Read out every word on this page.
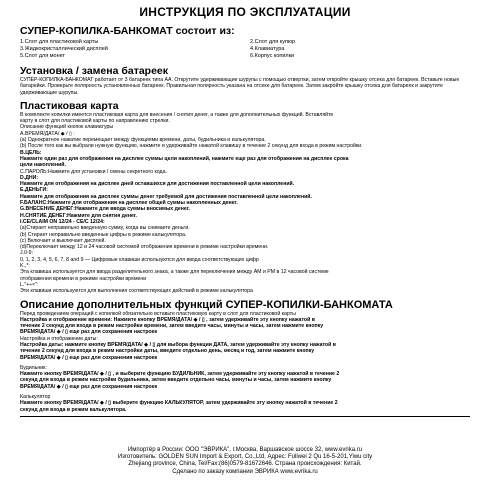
ИНСТРУКЦИЯ ПО ЭКСПЛУАТАЦИИ
СУПЕР-КОПИЛКА-БАНКОМАТ состоит из:
1.Слот для пластиковой карты	2.Слот для купюр
3.Жидкокристаллический дисплей	4.Клавиатура
5.Слот для монет	6.Корпус копилки
Установка / замена батареек

СУПЕР-КОПИЛКА-БАНКОМАТ работает от 3 батареек типа АА. Открутите удерживающие шурупы с помощью отвертки, затем откройте крышку отсека для батареек. Вставьте новые батарейки. Проверьте полярность установленных батареек. Правильная полярность указана на отсеке для батареек. Затем закройте крышку отсека для батареек и закрутите удерживающие шурупы.

Пластиковая карта
В комплекте копилки имеется пластиковая карта для внесения / снятия денег, а также для дополнительных функций. Вставляйте
карту в слот для пластиковой карты по направлению стрелки.
Описание функций кнопок клавиатуры
A.ВРЕМЯ/ДАТА/ ◆ / ▯ :
(a) Однократное нажатие перемещает между функциями времени, даты, будильника и калькулятора.
(b) После того как вы выбрали нужную функцию, нажмите и удерживайте нажатой клавишу в течение 2 секунд для входа в режим настройки.
В.ЦЕЛЬ:
Нажмите один раз для отображения на дисплее суммы цели накоплений, нажмите еще раз для отображения на дисплее срока
цели накоплений.
С.ПАРОЛЬ:Нажмите для установки / смены секретного кода.
D.ДНИ:
Нажмите для отображения на дисплее дней оставшихся для достижения поставленной цели накоплений.
Е.ДЕНЬГИ:
Нажмите для отображения на дисплее суммы денег требуемой для достижения поставленной цели накоплений.
F.БАЛАНС:Нажмите для отображения на дисплее общей суммы накопленных денег.
G.ВНЕСЕНИЕ ДЕНЕГ:Нажмите для ввода суммы вносимых денег.
H.СНЯТИЕ ДЕНЕГ:Нажмите для снятия денег.
I.CE/CLAIM ON 12/24 - CE/C 12/24:
(a)Стирает неправильно введенную сумму, когда вы снимаете деньги.
(b) Стирает неправильно введенные цифры в режиме калькулятора.
(с) Включает и выключает дисплей.
(d)Переключает между 12 и 24 часовой системой отображения времени в режиме настройки времени.
J.0-9:
0, 1, 2, 3, 4, 5, 6, 7, 8 and 9 — Цифровые клавиши используются для ввода соответствующих цифр
K.,*:
Эта клавиша используется для ввода разделительного знака, а также для переключения между AM и PM в 12 часовой системе
отображения времени в режиме настройки времени
L."+÷×":
Эти клавиши используются для выполнения соответствующих действий в режиме калькулятора
Описание дополнительных функций СУПЕР-КОПИЛКИ-БАНКОМАТА
Перед проведением операций с копилкой обязательно вставьте пластиковую карту в слот для пластиковой карты
Настройка и отображение времени: Нажмите кнопку ВРЕМЯ/ДАТА/ ◆ / ▯ , затем удерживайте эту кнопку нажатой в
течение 2 секунд для входа в режим настройки времени, затем введите часы, минуты и часы, затем нажмите кнопку
ВРЕМЯ/ДАТА/ ◆ / ▯ еще раз для сохранения настроек
Настройка и отображение даты:
Настройка даты: нажмите кнопку ВРЕМЯ/ДАТА/ ◆ / ▯ для выбора функции ДАТА, затем удерживайте эту кнопку нажатой в
течение 2 секунд для входа в режим настройки даты, введите отдельно день, месяц и год, затем нажмите кнопку
ВРЕМЯ/ДАТА/ ◆ / ▯ еще раз для сохранения настроек
Будильник:
Нажмите кнопку ВРЕМЯ/ДАТА/ ◆ / ▯ , и выберите функцию БУДИЛЬНИК, затем удерживайте эту кнопку нажатой в течение 2
секунд для входа в режим настройки будильника, затем введите отдельно часы, минуты и часы, затем нажмите кнопку
ВРЕМЯ/ДАТА/ ◆ / ▯ еще раз для сохранения настроек
Калькулятор
Нажмите кнопку ВРЕМЯ/ДАТА/ ◆ / ▯ выберите функцию КАЛЬКУЛЯТОР, затем удерживайте эту кнопку нажатой в течение 2
секунд для входа в режим калькулятора.
Импортёр в России: ООО "ЭВРИКА", г.Москва, Варшавское шоссе 32, www.evrika.ru
Изготовитель: GOLDEN SUN Import & Export, Co.,Ltd, Адрес: Fuliwei 2 Qu 16-5-201,Yiwu city
Zhejiang province, China, Tel/Fax:(86)0579-81672646. Страна происхождения: Китай.
Сделано по заказу компании ЭВРИКА www.evrika.ru
